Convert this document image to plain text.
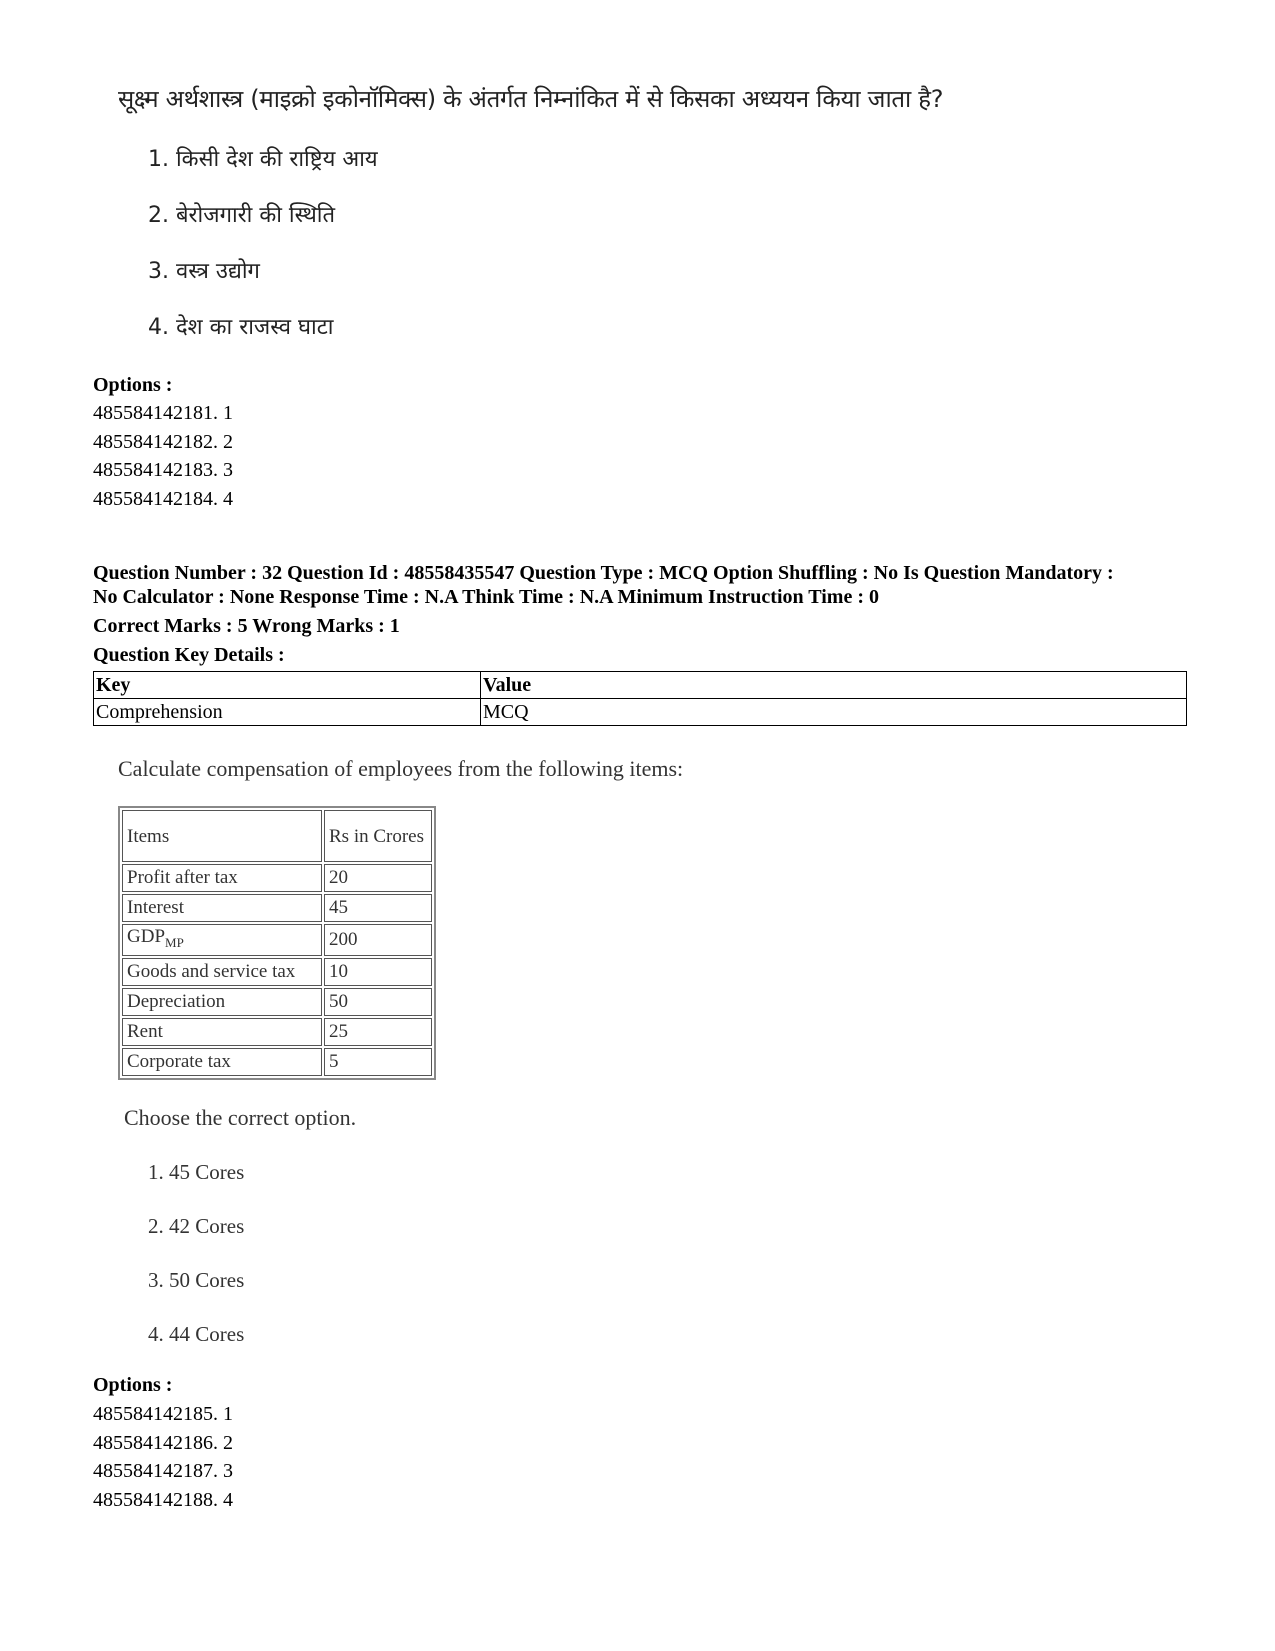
सूक्ष्म अर्थशास्त्र (माइक्रो इकोनॉमिक्स) के अंतर्गत निम्नांकित में से किसका अध्ययन किया जाता है?
1. किसी देश की राष्ट्रिय आय
2. बेरोजगारी की स्थिति
3. वस्त्र उद्योग
4. देश का राजस्व घाटा
Options :
485584142181. 1
485584142182. 2
485584142183. 3
485584142184. 4
Question Number : 32 Question Id : 48558435547 Question Type : MCQ Option Shuffling : No Is Question Mandatory :
No Calculator : None Response Time : N.A Think Time : N.A Minimum Instruction Time : 0
Correct Marks : 5 Wrong Marks : 1
Question Key Details :
Key	Value
Comprehension	MCQ
Calculate compensation of employees from the following items:
Items	Rs in Crores
Profit after tax	20
Interest	45
$GDP_{MP}$	200
Goods and service tax	10
Depreciation	50
Rent	25
Corporate tax	5
Choose the correct option.
1. 45 Cores
2. 42 Cores
3. 50 Cores
4. 44 Cores
Options :
485584142185. 1
485584142186. 2
485584142187. 3
485584142188. 4
